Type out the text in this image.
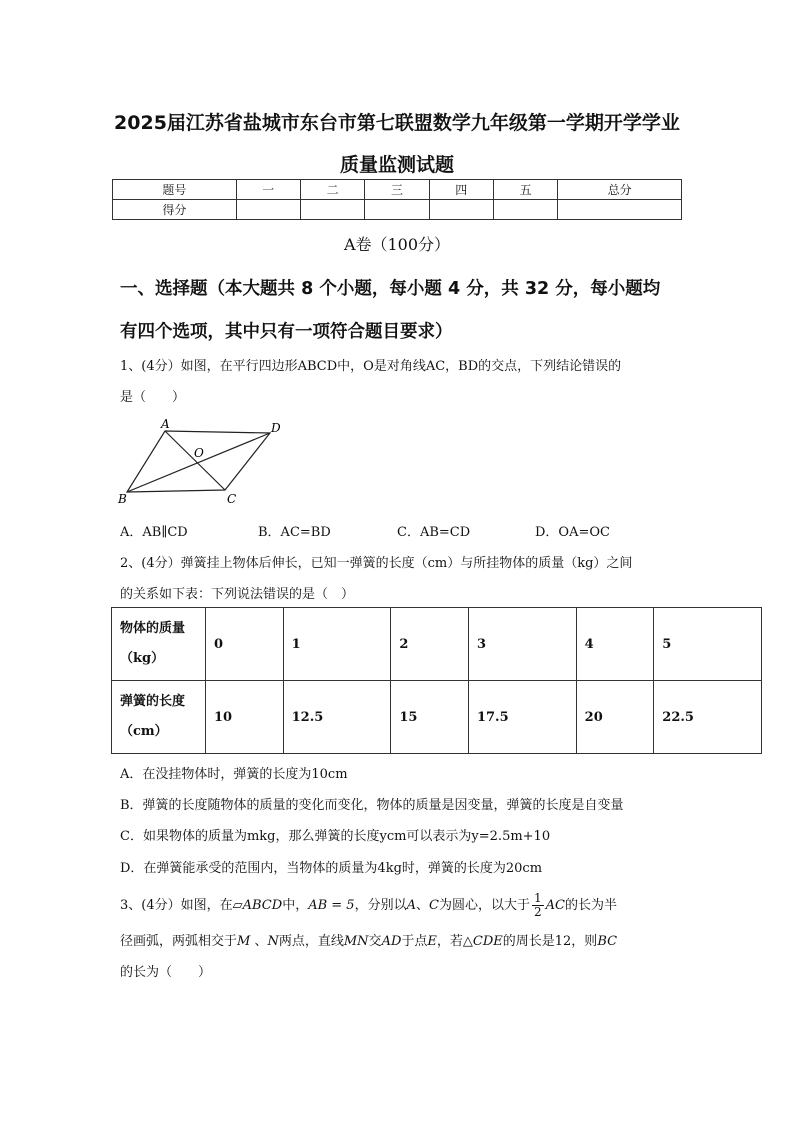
2025届江苏省盐城市东台市第七联盟数学九年级第一学期开学学业
质量监测试题
题号	一	二	三	四	五	总分
得分						
A卷（100分）
一、选择题（本大题共 8 个小题，每小题 4 分，共 32 分，每小题均
有四个选项，其中只有一项符合题目要求）
1、(4分）如图，在平行四边形ABCD中，O是对角线AC，BD的交点，下列结论错误的
是（　　）
A	D
O
B	C
A．AB∥CD	B．AC=BD	C．AB=CD	D．OA=OC
2、(4分）弹簧挂上物体后伸长，已知一弹簧的长度（cm）与所挂物体的质量（kg）之间
的关系如下表：下列说法错误的是（　）
物体的质量
（kg）	0	1	2	3	4	5

弹簧的长度
（cm）	10	12.5	15	17.5	20	22.5
A．在没挂物体时，弹簧的长度为10cm
B．弹簧的长度随物体的质量的变化而变化，物体的质量是因变量，弹簧的长度是自变量
C．如果物体的质量为mkg，那么弹簧的长度ycm可以表示为y=2.5m+10
D．在弹簧能承受的范围内，当物体的质量为4kg时，弹簧的长度为20cm
3、(4分）如图，在▱ABCD中，AB = 5，分别以A、C为圆心，以大于 $\frac{1}{2}$ AC的长为半
径画弧，两弧相交于M 、N两点，直线MN交AD于点E，若△CDE的周长是12，则BC
的长为（　　）
